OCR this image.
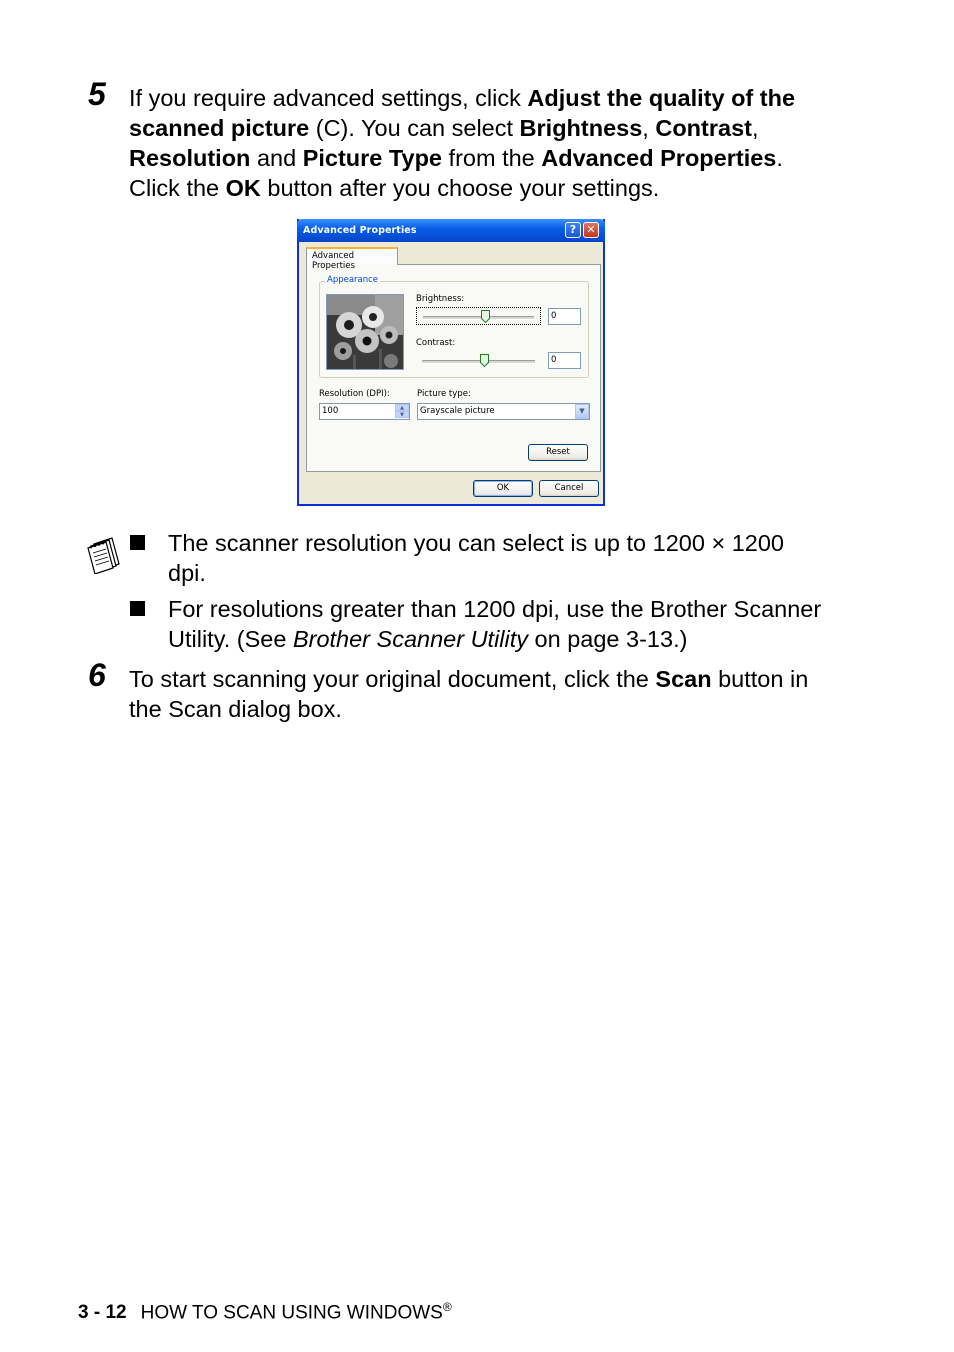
5 If you require advanced settings, click Adjust the quality of the scanned picture (C). You can select Brightness, Contrast, Resolution and Picture Type from the Advanced Properties. Click the OK button after you choose your settings.
Advanced Properties	? ✕
Advanced Properties
Appearance
Brightness:
0
Contrast:
0
Resolution (DPI):
100	▲
▼
Picture type:
Grayscale picture	▼
Reset
OK	Cancel
The scanner resolution you can select is up to 1200 × 1200 dpi.
For resolutions greater than 1200 dpi, use the Brother Scanner Utility. (See Brother Scanner Utility on page 3-13.)
6 To start scanning your original document, click the Scan button in the Scan dialog box.
3 - 12 HOW TO SCAN USING WINDOWS®
